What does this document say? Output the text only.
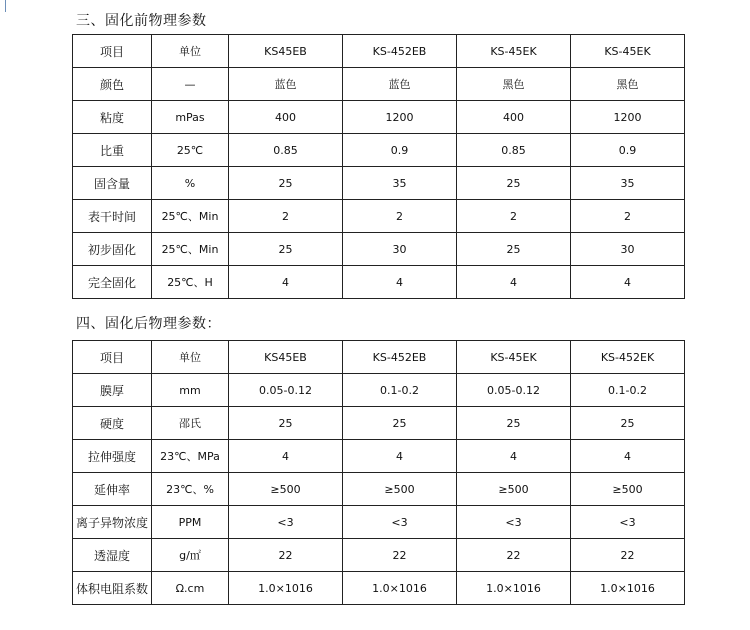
三、固化前物理参数
项目	单位	KS45EB	KS-452EB	KS-45EK	KS-45EK
颜色	—	蓝色	蓝色	黑色	黑色
粘度	mPas	400	1200	400	1200
比重	25℃	0.85	0.9	0.85	0.9
固含量	%	25	35	25	35
表干时间	25℃、Min	2	2	2	2
初步固化	25℃、Min	25	30	25	30
完全固化	25℃、H	4	4	4	4
四、固化后物理参数：
项目	单位	KS45EB	KS-452EB	KS-45EK	KS-452EK
膜厚	mm	0.05-0.12	0.1-0.2	0.05-0.12	0.1-0.2
硬度	邵氏	25	25	25	25
拉伸强度	23℃、MPa	4	4	4	4
延伸率	23℃、%	≥500	≥500	≥500	≥500
离子异物浓度	PPM	<3	<3	<3	<3
透湿度	g/㎡	22	22	22	22
体积电阻系数	Ω.cm	1.0×1016	1.0×1016	1.0×1016	1.0×1016
